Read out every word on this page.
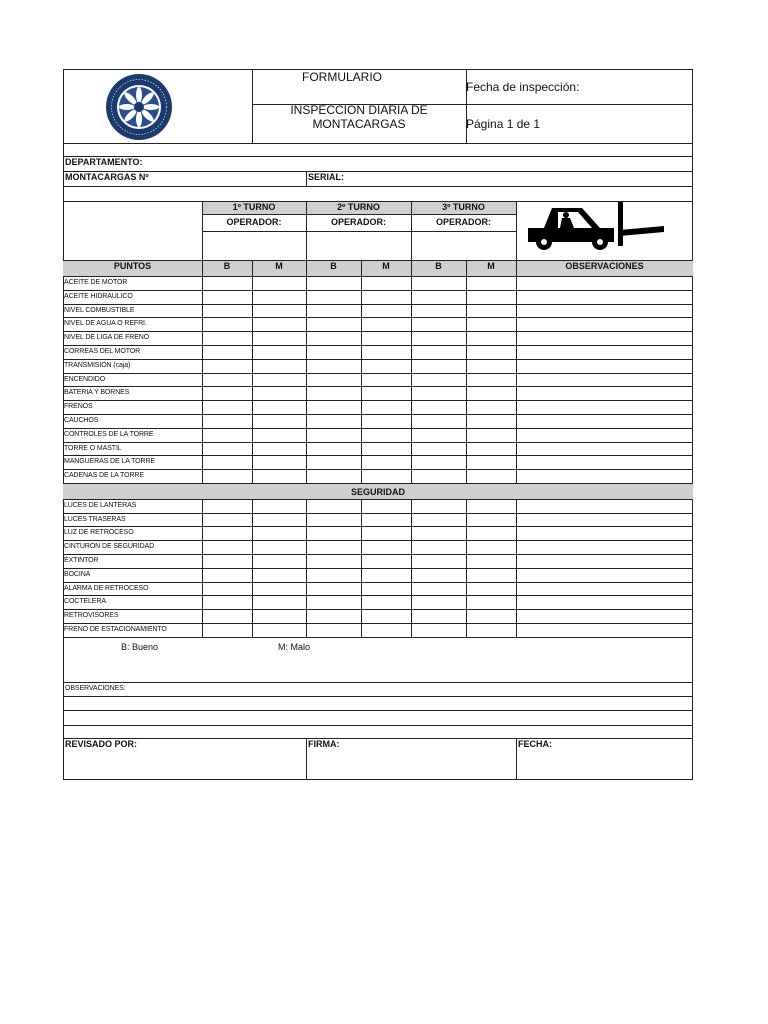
FORMULARIO
INSPECCION DIARIA DE
MONTACARGAS
Fecha de inspección:
Página 1 de 1
DEPARTAMENTO:
MONTACARGAS Nº	SERIAL:
1º TURNO	2º TURNO	3º TURNO
OPERADOR:	OPERADOR:	OPERADOR:
PUNTOS	B	M	B	M	B	M	OBSERVACIONES
ACEITE DE MOTOR
ACEITE HIDRAULICO
NIVEL COMBUSTIBLE
NIVEL DE AGUA O REFRI.
NIVEL DE LIGA DE FRENO
CORREAS DEL MOTOR
TRANSMISION (caja)
ENCENDIDO
BATERIA Y BORNES
FRENOS
CAUCHOS
CONTROLES DE LA TORRE
TORRE O MASTIL
MANGUERAS DE LA TORRE
CADENAS DE LA TORRE
SEGURIDAD
LUCES DE LANTERAS
LUCES TRASERAS
LUZ DE RETROCESO
CINTURON DE SEGURIDAD
EXTINTOR
BOCINA
ALARMA DE RETROCESO
COCTELERA
RETROVISORES
FRENO DE ESTACIONAMIENTO
B: Bueno	M: Malo
OBSERVACIONES:
REVISADO POR:	FIRMA:	FECHA:
